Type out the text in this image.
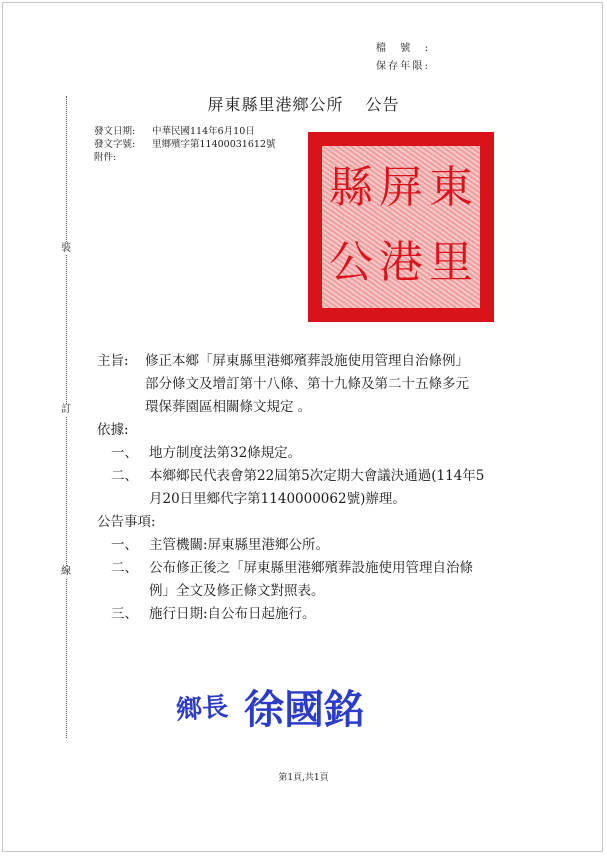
檔號:
保存年限:
裝
訂
線
屏東縣里港鄉公所 公告
發文日期:	中華民國114年6月10日
發文字號:	里鄉殯字第11400031612號
附件:
縣 屏 東
公 港 里
主旨:	修正本鄉「屏東縣里港鄉殯葬設施使用管理自治條例」
部分條文及增訂第十八條、第十九條及第二十五條多元
環保葬園區相關條文規定 。
依據:
一、 地方制度法第32條規定。
二、 本鄉鄉民代表會第22屆第5次定期大會議決通過(114年5
月20日里鄉代字第1140000062號)辦理。
公告事項:
一、 主管機關:屏東縣里港鄉公所。
二、 公布修正後之「屏東縣里港鄉殯葬設施使用管理自治條
例」全文及修正條文對照表。
三、 施行日期:自公布日起施行。
鄉長 徐國銘
第1頁,共1頁
